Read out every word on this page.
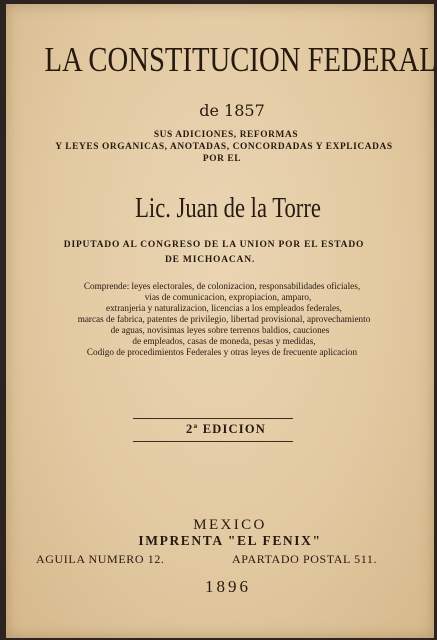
LA CONSTITUCION FEDERAL
de 1857
SUS ADICIONES, REFORMAS
Y LEYES ORGANICAS, ANOTADAS, CONCORDADAS Y EXPLICADAS
POR EL
Lic. Juan de la Torre
DIPUTADO AL CONGRESO DE LA UNION POR EL ESTADO
DE MICHOACAN.
Comprende: leyes electorales, de colonizacion, responsabilidades oficiales,
vias de comunicacion, expropiacion, amparo,
extranjeria y naturalizacion, licencias a los empleados federales,
marcas de fabrica, patentes de privilegio, libertad provisional, aprovechamiento
de aguas, novisimas leyes sobre terrenos baldios, cauciones
de empleados, casas de moneda, pesas y medidas,
Codigo de procedimientos Federales y otras leyes de frecuente aplicacion
2ª EDICION
MEXICO
IMPRENTA "EL FENIX"
AGUILA NUMERO 12.	APARTADO POSTAL 511.
1896
